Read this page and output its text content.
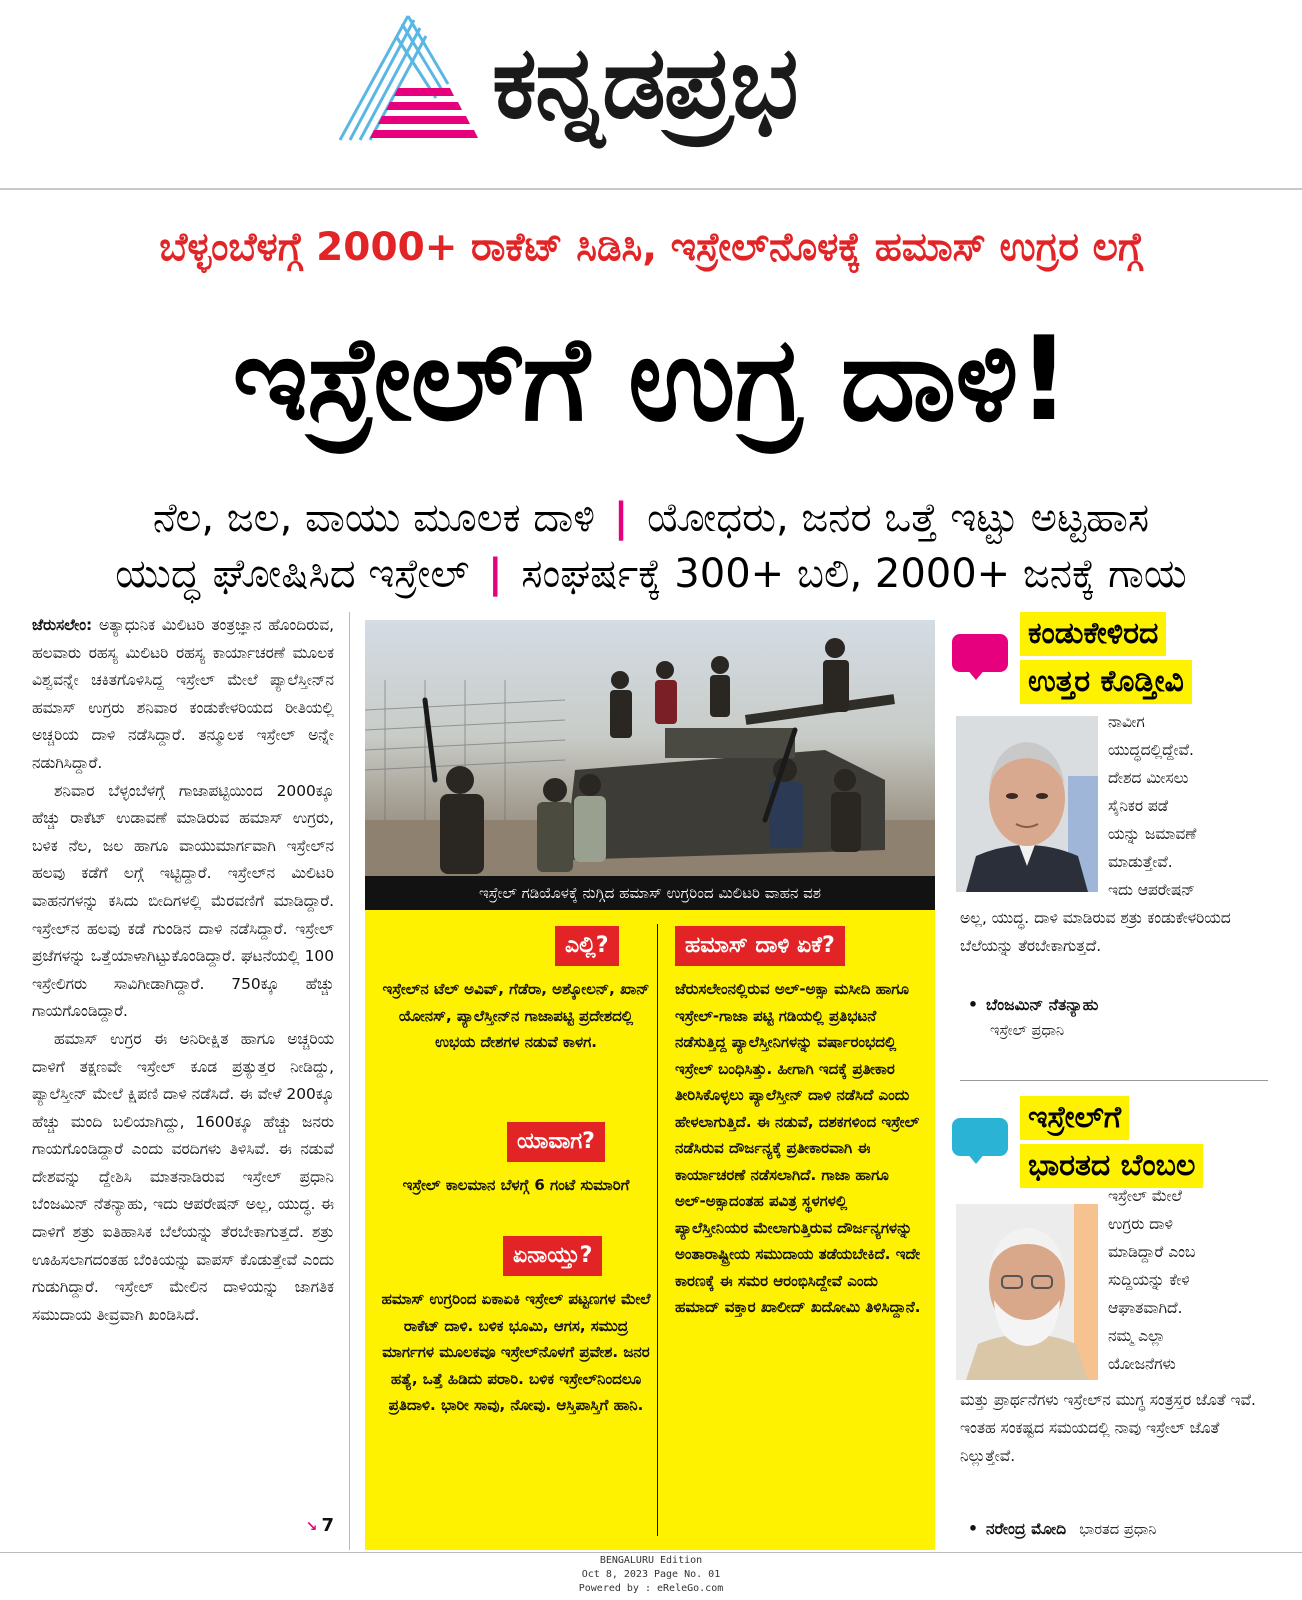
ಕನ್ನಡಪ್ರಭ
ಬೆಳ್ಳಂಬೆಳಗ್ಗೆ 2000+ ರಾಕೆಟ್ ಸಿಡಿಸಿ, ಇಸ್ರೇಲ್‌ನೊಳಕ್ಕೆ ಹಮಾಸ್ ಉಗ್ರರ ಲಗ್ಗೆ
ಇಸ್ರೇಲ್‌ಗೆ ಉಗ್ರ ದಾಳಿ!
ನೆಲ, ಜಲ, ವಾಯು ಮೂಲಕ ದಾಳಿ | ಯೋಧರು, ಜನರ ಒತ್ತೆ ಇಟ್ಟು ಅಟ್ಟಹಾಸ
ಯುದ್ಧ ಘೋಷಿಸಿದ ಇಸ್ರೇಲ್ | ಸಂಘರ್ಷಕ್ಕೆ 300+ ಬಲಿ, 2000+ ಜನಕ್ಕೆ ಗಾಯ

ಜೆರುಸಲೇಂ: ಅತ್ಯಾಧುನಿಕ ಮಿಲಿಟರಿ ತಂತ್ರಜ್ಞಾನ ಹೊಂದಿರುವ, ಹಲವಾರು ರಹಸ್ಯ ಮಿಲಿಟರಿ ರಹಸ್ಯ ಕಾರ್ಯಾಚರಣೆ ಮೂಲಕ ವಿಶ್ವವನ್ನೇ ಚಕಿತಗೊಳಿಸಿದ್ದ ಇಸ್ರೇಲ್ ಮೇಲೆ ಪ್ಯಾಲೆಸ್ತೀನ್‌ನ ಹಮಾಸ್ ಉಗ್ರರು ಶನಿವಾರ ಕಂಡುಕೇಳರಿಯದ ರೀತಿಯಲ್ಲಿ ಅಚ್ಚರಿಯ ದಾಳಿ ನಡೆಸಿದ್ದಾರೆ. ತನ್ಮೂಲಕ ಇಸ್ರೇಲ್ ಅನ್ನೇ ನಡುಗಿಸಿದ್ದಾರೆ.

ಶನಿವಾರ ಬೆಳ್ಳಂಬೆಳಗ್ಗೆ ಗಾಜಾಪಟ್ಟಿಯಿಂದ 2000ಕ್ಕೂ ಹೆಚ್ಚು ರಾಕೆಟ್ ಉಡಾವಣೆ ಮಾಡಿರುವ ಹಮಾಸ್ ಉಗ್ರರು, ಬಳಿಕ ನೆಲ, ಜಲ ಹಾಗೂ ವಾಯುಮಾರ್ಗವಾಗಿ ಇಸ್ರೇಲ್‌ನ ಹಲವು ಕಡೆಗೆ ಲಗ್ಗೆ ಇಟ್ಟಿದ್ದಾರೆ. ಇಸ್ರೇಲ್‌ನ ಮಿಲಿಟರಿ ವಾಹನಗಳನ್ನು ಕಸಿದು ಬೀದಿಗಳಲ್ಲಿ ಮೆರವಣಿಗೆ ಮಾಡಿದ್ದಾರೆ. ಇಸ್ರೇಲ್‌ನ ಹಲವು ಕಡೆ ಗುಂಡಿನ ದಾಳಿ ನಡೆಸಿದ್ದಾರೆ. ಇಸ್ರೇಲ್ ಪ್ರಜೆಗಳನ್ನು ಒತ್ತೆಯಾಳಾಗಿಟ್ಟುಕೊಂಡಿದ್ದಾರೆ. ಘಟನೆಯಲ್ಲಿ 100 ಇಸ್ರೇಲಿಗರು ಸಾವಿಗೀಡಾಗಿದ್ದಾರೆ. 750ಕ್ಕೂ ಹೆಚ್ಚು ಗಾಯಗೊಂಡಿದ್ದಾರೆ.

ಹಮಾಸ್ ಉಗ್ರರ ಈ ಅನಿರೀಕ್ಷಿತ ಹಾಗೂ ಅಚ್ಚರಿಯ ದಾಳಿಗೆ ತಕ್ಷಣವೇ ಇಸ್ರೇಲ್ ಕೂಡ ಪ್ರತ್ಯುತ್ತರ ನೀಡಿದ್ದು, ಪ್ಯಾಲೆಸ್ತೀನ್ ಮೇಲೆ ಕ್ಷಿಪಣಿ ದಾಳಿ ನಡೆಸಿದೆ. ಈ ವೇಳೆ 200ಕ್ಕೂ ಹೆಚ್ಚು ಮಂದಿ ಬಲಿಯಾಗಿದ್ದು, 1600ಕ್ಕೂ ಹೆಚ್ಚು ಜನರು ಗಾಯಗೊಂಡಿದ್ದಾರೆ ಎಂದು ವರದಿಗಳು ತಿಳಿಸಿವೆ. ಈ ನಡುವೆ ದೇಶವನ್ನು ದ್ದೇಶಿಸಿ ಮಾತನಾಡಿರುವ ಇಸ್ರೇಲ್ ಪ್ರಧಾನಿ ಬೆಂಜಮಿನ್ ನೆತನ್ಯಾಹು, ಇದು ಆಪರೇಷನ್ ಅಲ್ಲ, ಯುದ್ಧ. ಈ ದಾಳಿಗೆ ಶತ್ರು ಐತಿಹಾಸಿಕ ಬೆಲೆಯನ್ನು ತೆರಬೇಕಾಗುತ್ತದೆ. ಶತ್ರು ಊಹಿಸಲಾಗದಂತಹ ಬೆಂಕಿಯನ್ನು ವಾಪಸ್ ಕೊಡುತ್ತೇವೆ ಎಂದು ಗುಡುಗಿದ್ದಾರೆ. ಇಸ್ರೇಲ್ ಮೇಲಿನ ದಾಳಿಯನ್ನು ಜಾಗತಿಕ ಸಮುದಾಯ ತೀವ್ರವಾಗಿ ಖಂಡಿಸಿದೆ.

↘ 7
ಇಸ್ರೇಲ್ ಗಡಿಯೊಳಕ್ಕೆ ನುಗ್ಗಿದ ಹಮಾಸ್ ಉಗ್ರರಿಂದ ಮಿಲಿಟರಿ ವಾಹನ ವಶ
ಎಲ್ಲಿ?
ಇಸ್ರೇಲ್‌ನ ಟೆಲ್ ಅವಿವ್, ಗೆಡೆರಾ, ಅಶ್ಕೋಲನ್, ಖಾನ್ ಯೋನಸ್, ಪ್ಯಾಲೆಸ್ತೀನ್‌ನ ಗಾಜಾಪಟ್ಟಿ ಪ್ರದೇಶದಲ್ಲಿ ಉಭಯ ದೇಶಗಳ ನಡುವೆ ಕಾಳಗ.
ಯಾವಾಗ?
ಇಸ್ರೇಲ್ ಕಾಲಮಾನ ಬೆಳಗ್ಗೆ 6 ಗಂಟೆ ಸುಮಾರಿಗೆ
ಏನಾಯ್ತು?
ಹಮಾಸ್ ಉಗ್ರರಿಂದ ಏಕಾಏಕಿ ಇಸ್ರೇಲ್ ಪಟ್ಟಣಗಳ ಮೇಲೆ ರಾಕೆಟ್ ದಾಳಿ. ಬಳಿಕ ಭೂಮಿ, ಆಗಸ, ಸಮುದ್ರ ಮಾರ್ಗಗಳ ಮೂಲಕವೂ ಇಸ್ರೇಲ್‌ನೊಳಗೆ ಪ್ರವೇಶ. ಜನರ ಹತ್ಯೆ, ಒತ್ತೆ ಹಿಡಿದು ಪರಾರಿ. ಬಳಿಕ ಇಸ್ರೇಲ್‌ನಿಂದಲೂ ಪ್ರತಿದಾಳಿ. ಭಾರೀ ಸಾವು, ನೋವು. ಆಸ್ತಿಪಾಸ್ತಿಗೆ ಹಾನಿ.
ಹಮಾಸ್ ದಾಳಿ ಏಕೆ?
ಜೆರುಸಲೇಂನಲ್ಲಿರುವ ಅಲ್-ಅಕ್ಸಾ ಮಸೀದಿ ಹಾಗೂ ಇಸ್ರೇಲ್-ಗಾಜಾ ಪಟ್ಟಿ ಗಡಿಯಲ್ಲಿ ಪ್ರತಿಭಟನೆ ನಡೆಸುತ್ತಿದ್ದ ಪ್ಯಾಲೆಸ್ತೀನಿಗಳನ್ನು ವರ್ಷಾರಂಭದಲ್ಲಿ ಇಸ್ರೇಲ್ ಬಂಧಿಸಿತ್ತು. ಹೀಗಾಗಿ ಇದಕ್ಕೆ ಪ್ರತೀಕಾರ ತೀರಿಸಿಕೊಳ್ಳಲು ಪ್ಯಾಲೆಸ್ತೀನ್ ದಾಳಿ ನಡೆಸಿದೆ ಎಂದು ಹೇಳಲಾಗುತ್ತಿದೆ. ಈ ನಡುವೆ, ದಶಕಗಳಿಂದ ಇಸ್ರೇಲ್ ನಡೆಸಿರುವ ದೌರ್ಜನ್ಯಕ್ಕೆ ಪ್ರತೀಕಾರವಾಗಿ ಈ ಕಾರ್ಯಾಚರಣೆ ನಡೆಸಲಾಗಿದೆ. ಗಾಜಾ ಹಾಗೂ ಅಲ್-ಅಕ್ಸಾದಂತಹ ಪವಿತ್ರ ಸ್ಥಳಗಳಲ್ಲಿ ಪ್ಯಾಲೆಸ್ತೀನಿಯರ ಮೇಲಾಗುತ್ತಿರುವ ದೌರ್ಜನ್ಯಗಳನ್ನು ಅಂತಾರಾಷ್ಟ್ರೀಯ ಸಮುದಾಯ ತಡೆಯಬೇಕಿದೆ. ಇದೇ ಕಾರಣಕ್ಕೆ ಈ ಸಮರ ಆರಂಭಿಸಿದ್ದೇವೆ ಎಂದು ಹಮಾದ್ ವಕ್ತಾರ ಖಾಲೀದ್ ಖದೋಮಿ ತಿಳಿಸಿದ್ದಾನೆ.
ಕಂಡುಕೇಳಿರದ
ಉತ್ತರ ಕೊಡ್ತೀವಿ
ನಾವೀಗ
ಯುದ್ಧದಲ್ಲಿದ್ದೇವೆ.
ದೇಶದ ಮೀಸಲು
ಸೈನಿಕರ ಪಡೆ
ಯನ್ನು ಜಮಾವಣೆ
ಮಾಡುತ್ತೇವೆ.
ಇದು ಆಪರೇಷನ್
ಅಲ್ಲ, ಯುದ್ಧ. ದಾಳಿ ಮಾಡಿರುವ ಶತ್ರು ಕಂಡುಕೇಳರಿಯದ ಬೆಲೆಯನ್ನು ತೆರಬೇಕಾಗುತ್ತದೆ.
• ಬೆಂಜಮಿನ್ ನೆತನ್ಯಾಹು
ಇಸ್ರೇಲ್ ಪ್ರಧಾನಿ
ಇಸ್ರೇಲ್‌ಗೆ
ಭಾರತದ ಬೆಂಬಲ
ಇಸ್ರೇಲ್ ಮೇಲೆ
ಉಗ್ರರು ದಾಳಿ
ಮಾಡಿದ್ದಾರೆ ಎಂಬ
ಸುದ್ದಿಯನ್ನು ಕೇಳಿ
ಆಘಾತವಾಗಿದೆ.
ನಮ್ಮ ಎಲ್ಲಾ
ಯೋಜನೆಗಳು
ಮತ್ತು ಪ್ರಾರ್ಥನೆಗಳು ಇಸ್ರೇಲ್‌ನ ಮುಗ್ಧ ಸಂತ್ರಸ್ತರ ಜೊತೆ ಇವೆ. ಇಂತಹ ಸಂಕಷ್ಟದ ಸಮಯದಲ್ಲಿ ನಾವು ಇಸ್ರೇಲ್ ಜೊತೆ ನಿಲ್ಲುತ್ತೇವೆ.
• ನರೇಂದ್ರ ಮೋದಿ ಭಾರತದ ಪ್ರಧಾನಿ
BENGALURU Edition
Oct 8, 2023 Page No. 01
Powered by : eReleGo.com
